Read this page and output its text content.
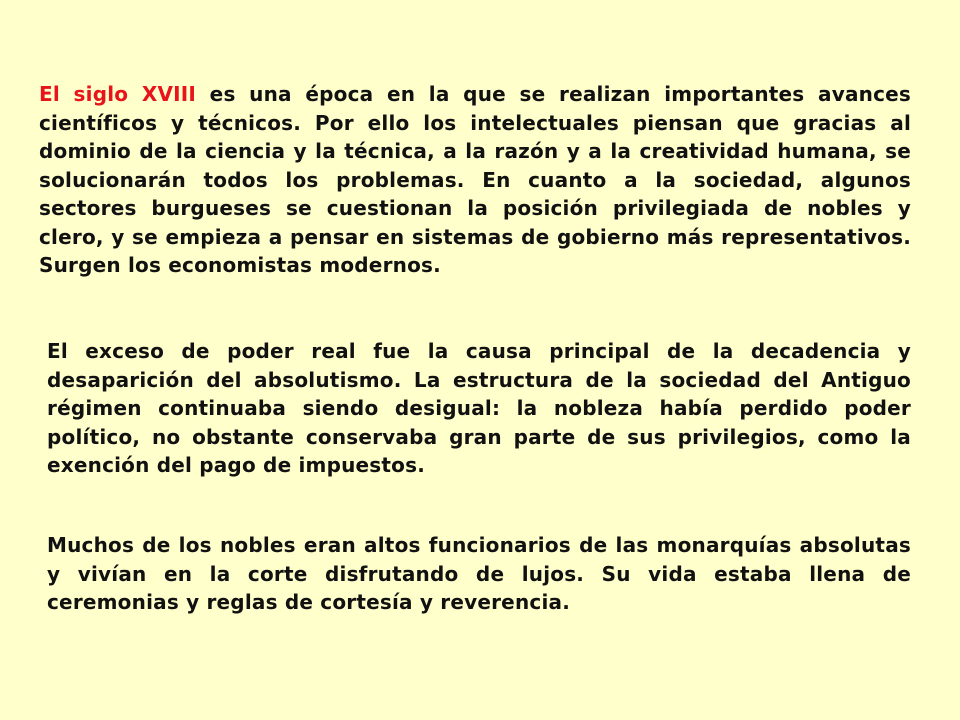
El siglo XVIII es una época en la que se realizan importantes avances científicos y técnicos. Por ello los intelectuales piensan que gracias al dominio de la ciencia y la técnica, a la razón y a la creatividad humana, se solucionarán todos los problemas. En cuanto a la sociedad, algunos sectores burgueses se cuestionan la posición privilegiada de nobles y clero, y se empieza a pensar en sistemas de gobierno más representativos. Surgen los economistas modernos.

El exceso de poder real fue la causa principal de la decadencia y desaparición del absolutismo. La estructura de la sociedad del Antiguo régimen continuaba siendo desigual: la nobleza había perdido poder político, no obstante conservaba gran parte de sus privilegios, como la exención del pago de impuestos.

Muchos de los nobles eran altos funcionarios de las monarquías absolutas y vivían en la corte disfrutando de lujos. Su vida estaba llena de ceremonias y reglas de cortesía y reverencia.
